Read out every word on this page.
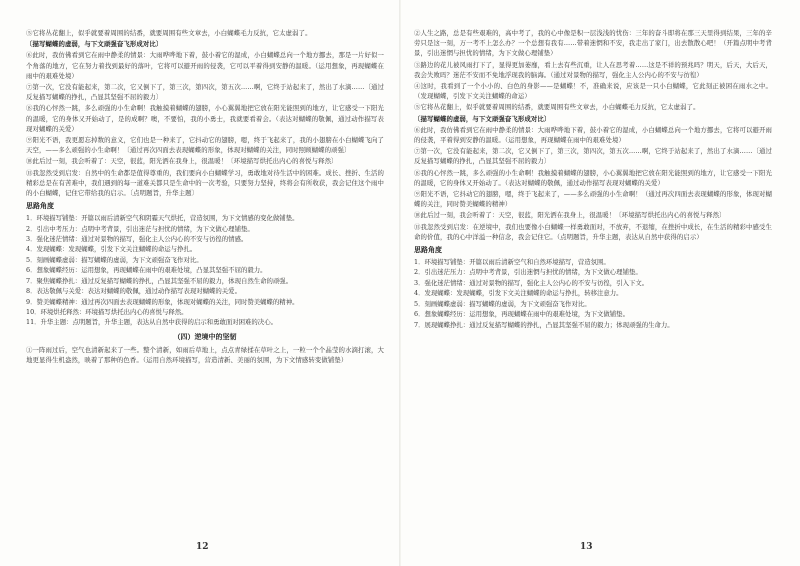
⑤它将丛花翻上，似乎就要着周围的结番，就要周围有些文章去，小白蝴蝶毛力反抗，它太虚弱了。

〔描写蝴蝶的虚弱，与下文顽强奋飞形成对比〕

⑥此时，我仿佛看到它在雨中静柔的情景：大雨哗哗地下着，鼓小着它的湿成，小白蝴蝶总向一个地方挪去，那是一片好似一个角落的地方，它在努力着找到最好的落叶，它将可以避开雨的侵袭，它可以平着得到安静的温暖。（运用想象，再现蝴蝶在雨中的艰难处境）

⑦第一次，它没有能起来，第二次，它又倒下了，第三次，第四次，第五次……啊，它终于站起来了，然出了水滴……〔通过反复描写蝴蝶的挣扎，凸显其坚强不屈的毅力〕

⑧我的心怦然一跳，多么顽强的小生命啊！我触摸着蝴蝶的翅膀，小心翼翼地把它放在阳光能照到的地方，让它感受一下阳光的温暖，它的身体又开始动了，是的成啊？噢，不要怕，我的小勇士，我就要看着会。（表达对蝴蝶的敬佩，通过动作描写表现对蝴蝶的关爱）

⑨阳光不语，我更愿忘掉数的意义，它们也是一种来了，它抖动它的翅膀，嗯，终于飞起来了，我的小翅膀在小白蝴蝶飞向了天空，——多么顽强的小生命啊！〔通过再次四面去表现蝴蝶的形象，体现对蝴蝶的关注，同时照顾蝴蝶的顽强〕

⑩此后过一刻，我会听着了：天空，很蓝，阳光洒在我身上，很温暖！〔环境描写烘托出内心的喜悦与释然〕

⑪我忽然受到启发：自然中的生命都是值得尊重的，我们要向小白蝴蝶学习，勇敢地对待生活中的困难。成长、挫折、生活的精彩总是在有苦难中，我们遇到的每一道难关都只是生命中的一次考验，只要努力坚持，终将会有所收获，我会记住这个雨中的小白蝴蝶，记住它带给我的启示。〔点明题旨，升华主题〕

思路角度
1．环境描写铺垫：开篇以雨后清新空气和阴霾天气烘托，营造氛围，为下文情感的变化做铺垫。
2．引出中考压力：点明中考背景，引出迷茫与担忧的情绪，为下文做心理铺垫。
3．强化迷茫情绪：通过对景物的描写，强化主人公内心的不安与彷徨的情感。
4．发现蝴蝶：发现蝴蝶，引发下文关注蝴蝶的命运与挣扎。
5．刻画蝴蝶虚弱：描写蝴蝶的虚弱，为下文顽强奋飞作对比。
6．想象蝴蝶经历：运用想象，再现蝴蝶在雨中的艰难处境，凸显其坚强不屈的毅力。
7．聚焦蝴蝶挣扎：通过反复描写蝴蝶的挣扎，凸显其坚强不屈的毅力，体现自然生命的顽强。
8．表达敬佩与关爱：表达对蝴蝶的敬佩，通过动作描写表现对蝴蝶的关爱。
9．赞美蝴蝶精神：通过再次四面去表现蝴蝶的形象，体现对蝴蝶的关注，同时赞美蝴蝶的精神。
10．环境烘托释然：环境描写烘托出内心的喜悦与释然。
11．升华主题：点明题旨，升华主题，表达从自然中获得的启示和勇敢面对困难的决心。
（四）逆境中的坚韧

①一阵雨过后，空气也清新起来了一些。整个清新，如雨后草地上，点点青绿揉在草叶之上，一粒一个个晶莹的水滴打滚，大地更显得生机盎然，映着了那种的色香。（运用自然环境描写，营造清新、美丽的氛围，为下文情感转变做铺垫）

②人生之路，总是有些艰难的，高中考了，我的心中像是积一层浅浅的忧伤：三年的奋斗即将在那三天里得到结果，三年的辛劳只是这一刻，万一考不上怎么办？一个总想有我有……带着迷惘和不安，我走出了家门，出去散散心吧！（开篇点明中考背景，引出迷惘与担忧的情绪，为下文做心理铺垫）

③路边的花儿被风雨打下了，显得更加萎靡，看上去有些沉重，让人在思考着……这是不祥的预兆吗？明天，后天，大后天，我会失败吗？迷茫不安而不免地浮现我的脑海。（通过对景物的描写，强化主人公内心的不安与彷徨）

④这时，我看到了一个小小的、白色的身影——是蝴蝶！不，准确来说，应该是一只小白蝴蝶，它此刻正被困在雨水之中。（发现蝴蝶，引发下文关注蝴蝶的命运）

⑤它将丛花翻上，似乎就要着周围的结番，就要周围有些文章去，小白蝴蝶毛力反抗，它太虚弱了。

〔描写蝴蝶的虚弱，与下文顽强奋飞形成对比〕

⑥此时，我仿佛看到它在雨中静柔的情景：大雨哗哗地下着，鼓小着它的湿成，小白蝴蝶总向一个地方挪去，它将可以避开雨的侵袭，平着得到安静的温暖。（运用想象，再现蝴蝶在雨中的艰难处境）

⑦第一次，它没有能起来，第二次，它又倒下了，第三次，第四次，第五次……啊，它终于站起来了，然出了水滴……〔通过反复描写蝴蝶的挣扎，凸显其坚强不屈的毅力〕

⑧我的心怦然一跳，多么顽强的小生命啊！我触摸着蝴蝶的翅膀，小心翼翼地把它放在阳光能照到的地方，让它感受一下阳光的温暖，它的身体又开始动了。（表达对蝴蝶的敬佩，通过动作描写表现对蝴蝶的关爱）

⑨阳光不语，它抖动它的翅膀，嗯，终于飞起来了，——多么顽强的小生命啊！（通过再次四面去表现蝴蝶的形象，体现对蝴蝶的关注，同时赞美蝴蝶的精神）

⑩此后过一刻，我会听着了：天空，很蓝，阳光洒在我身上，很温暖！〔环境描写烘托出内心的喜悦与释然〕

⑪我忽然受到启发：在逆境中，我们也要像小白蝴蝶一样勇敢面对，不放弃，不退缩，在挫折中成长，在生活的精彩中感受生命的价值，我的心中洋溢一种信念，我会记住它。（点明题旨，升华主题，表达从自然中获得的启示）

思路角度
1．环境描写铺垫：开篇以雨后清新空气和自然环境描写，营造氛围。
2．引出迷茫压力：点明中考背景，引出迷惘与担忧的情绪，为下文做心理铺垫。
3．强化迷茫情绪：通过对景物的描写，强化主人公内心的不安与彷徨，引入下文。
4．发现蝴蝶：发现蝴蝶，引发下文关注蝴蝶的命运与挣扎，转移注意力。
5．刻画蝴蝶虚弱：描写蝴蝶的虚弱，为下文顽强奋飞作对比。
6．想象蝴蝶经历：运用想象，再现蝴蝶在雨中的艰难处境，为下文做铺垫。
7．展现蝴蝶挣扎：通过反复描写蝴蝶的挣扎，凸显其坚强不屈的毅力；体现顽强的生命力。
12	13
